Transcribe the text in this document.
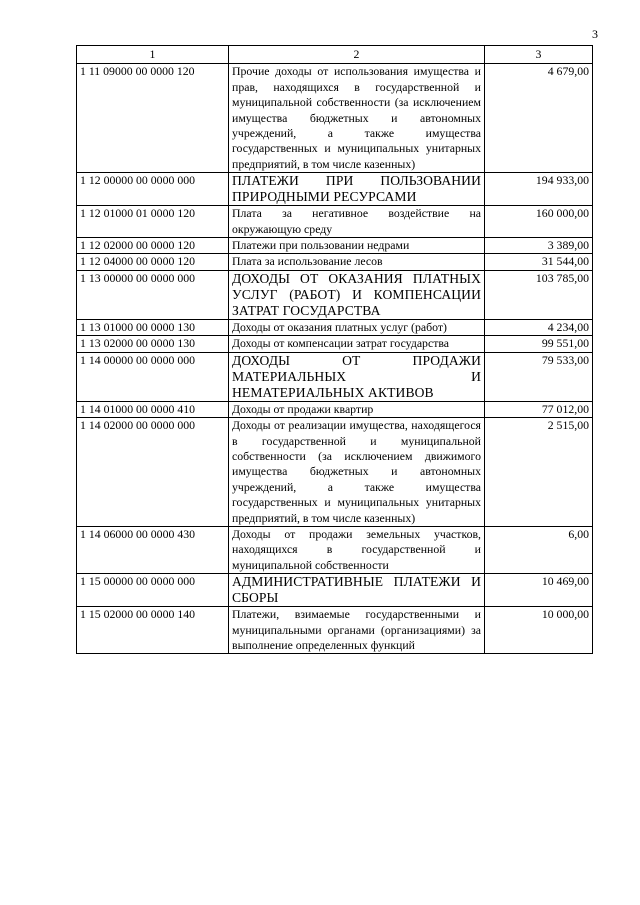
3
1	2	3
1 11 09000 00 0000 120	Прочие доходы от использования имущества и прав, находящихся в государственной и муниципальной собственности (за исключением имущества бюджетных и автономных учреждений, а также имущества государственных и муниципальных унитарных предприятий, в том числе казенных)	4 679,00
1 12 00000 00 0000 000	ПЛАТЕЖИ ПРИ ПОЛЬЗОВАНИИ ПРИРОДНЫМИ РЕСУРСАМИ	194 933,00
1 12 01000 01 0000 120	Плата за негативное воздействие на окружающую среду	160 000,00
1 12 02000 00 0000 120	Платежи при пользовании недрами	3 389,00
1 12 04000 00 0000 120	Плата за использование лесов	31 544,00
1 13 00000 00 0000 000	ДОХОДЫ ОТ ОКАЗАНИЯ ПЛАТНЫХ УСЛУГ (РАБОТ) И КОМПЕНСАЦИИ ЗАТРАТ ГОСУДАРСТВА	103 785,00
1 13 01000 00 0000 130	Доходы от оказания платных услуг (работ)	4 234,00
1 13 02000 00 0000 130	Доходы от компенсации затрат государства	99 551,00
1 14 00000 00 0000 000	ДОХОДЫ ОТ ПРОДАЖИ МАТЕРИАЛЬНЫХ И НЕМАТЕРИАЛЬНЫХ АКТИВОВ	79 533,00
1 14 01000 00 0000 410	Доходы от продажи квартир	77 012,00
1 14 02000 00 0000 000	Доходы от реализации имущества, находящегося в государственной и муниципальной собственности (за исключением движимого имущества бюджетных и автономных учреждений, а также имущества государственных и муниципальных унитарных предприятий, в том числе казенных)	2 515,00
1 14 06000 00 0000 430	Доходы от продажи земельных участков, находящихся в государственной и муниципальной собственности	6,00
1 15 00000 00 0000 000	АДМИНИСТРАТИВНЫЕ ПЛАТЕЖИ И СБОРЫ	10 469,00
1 15 02000 00 0000 140	Платежи, взимаемые государственными и муниципальными органами (организациями) за выполнение определенных функций	10 000,00
